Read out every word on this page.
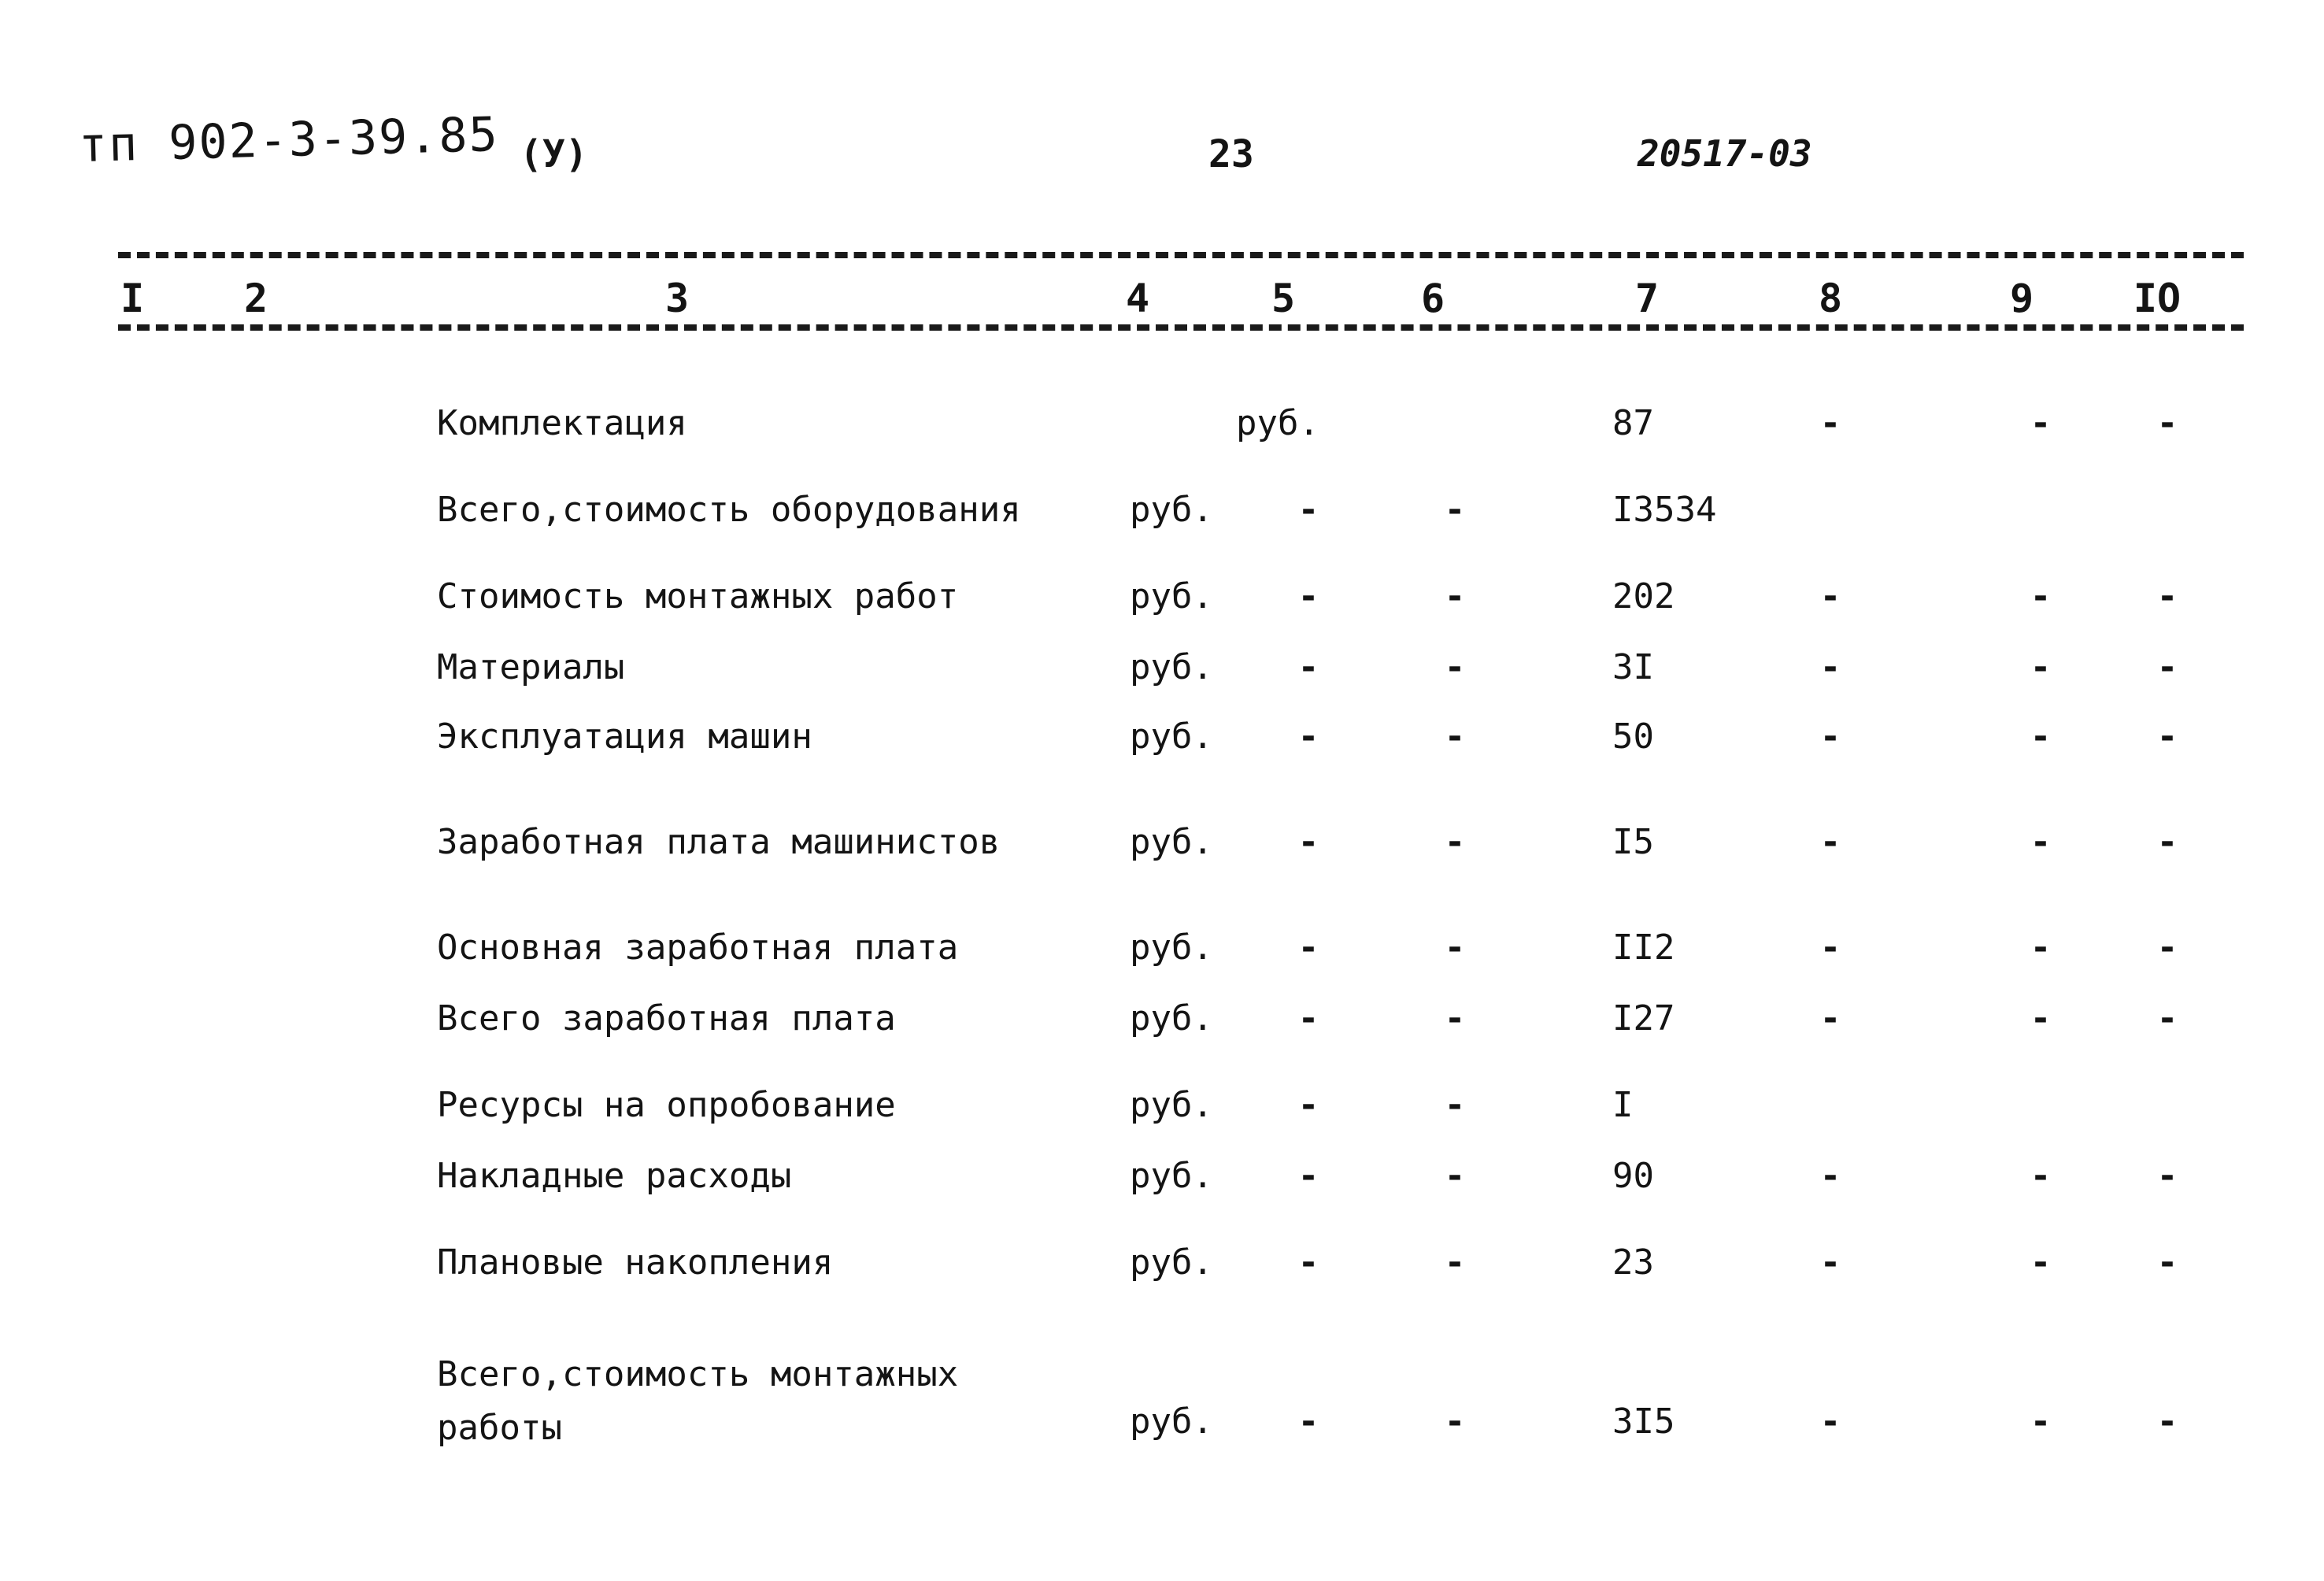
тп 902-3-39.85 (У)	23	20517-03
I	2	3	4	5	6	7	8	9	IO
Комплектация	руб.	87	-	-	-
Всего,стоимость оборудования	руб. -	-	I3534
Стоимость монтажных работ	руб. -	-	202	-	-	-
Материалы	руб. -	-	3I	-	-	-
Эксплуатация машин	руб. -	-	50	-	-	-
Заработная плата машинистов	руб. -	-	I5	-	-	-
Основная заработная плата	руб. -	-	II2	-	-	-
Всего заработная плата	руб. -	-	I27	-	-	-
Ресурсы на опробование	руб. -	-	I
Накладные расходы	руб. -	-	90	-	-	-
Плановые накопления	руб. -	-	23	-	-	-
Всего,стоимость монтажных
работы	руб. -	-	3I5	-	-	-
